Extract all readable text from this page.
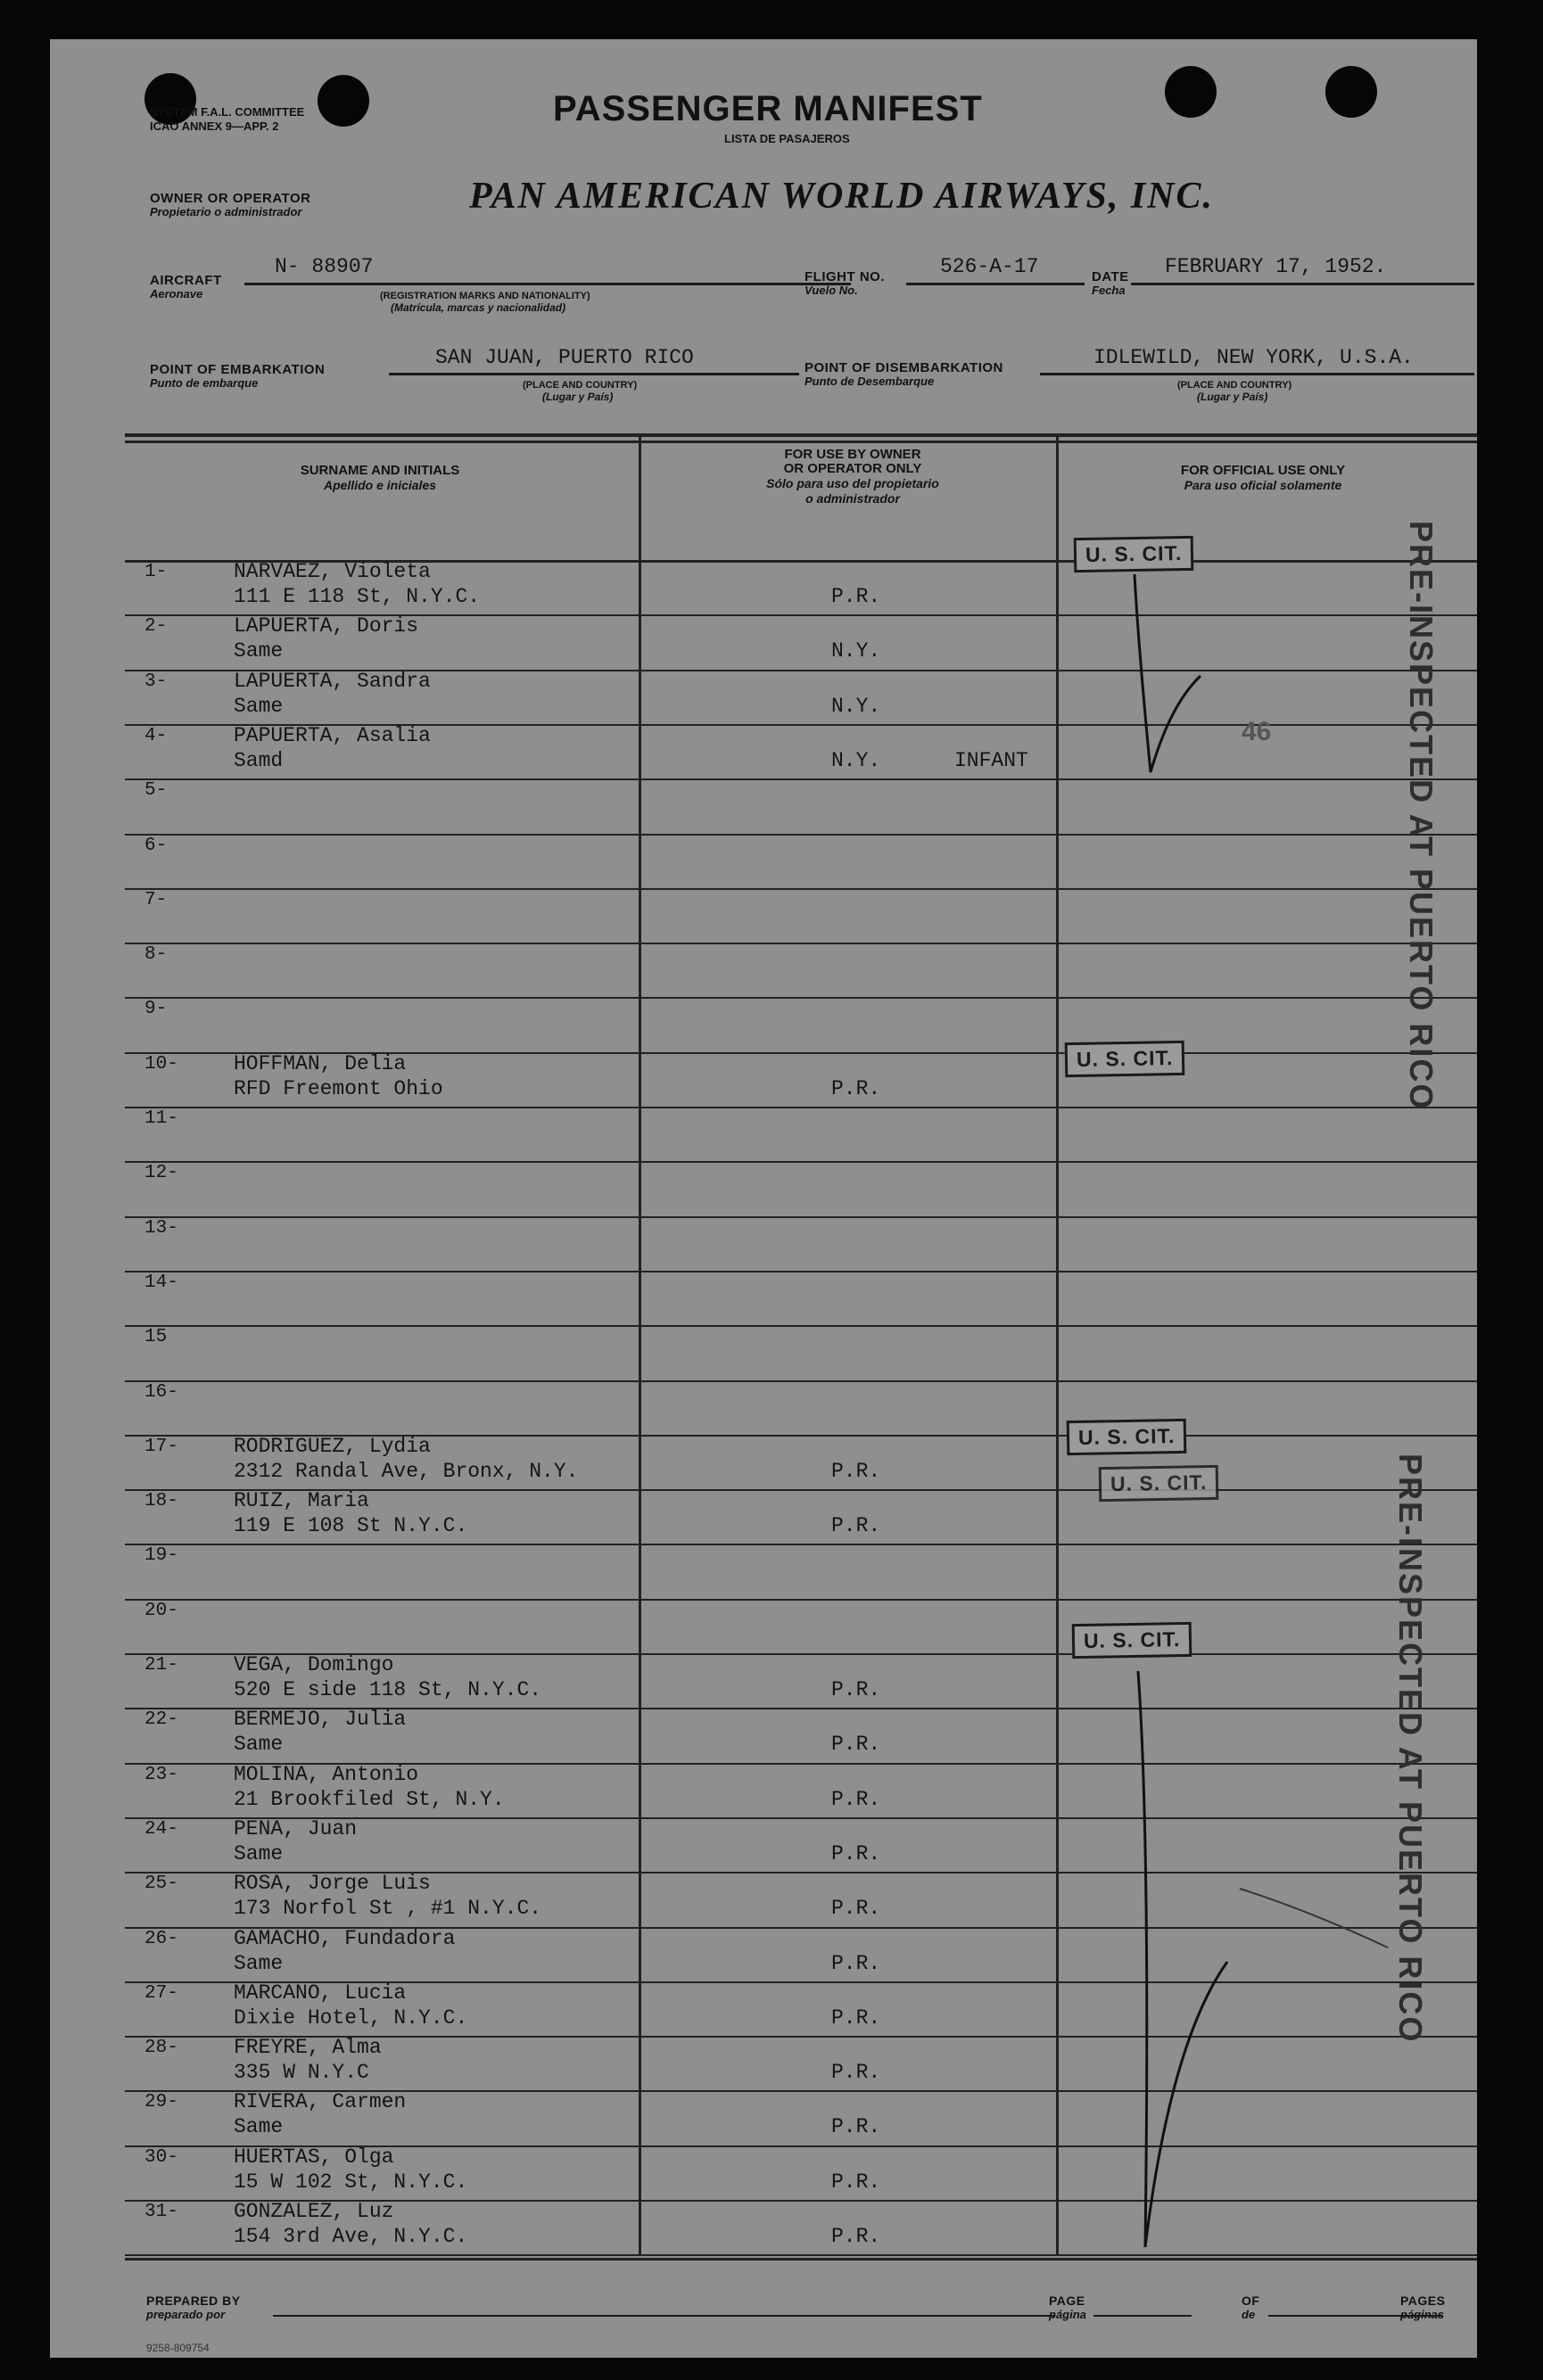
SYSTEM F.A.L. COMMITTEE
ICAO ANNEX 9—APP. 2	PASSENGER MANIFEST
LISTA DE PASAJEROS
OWNER OR OPERATOR
Propietario o administrador	PAN AMERICAN WORLD AIRWAYS, INC.
AIRCRAFT
Aeronave
N- 88907
(REGISTRATION MARKS AND NATIONALITY)
(Matrícula, marcas y nacionalidad)
FLIGHT NO.
Vuelo No.
526-A-17	DATE
Fecha
FEBRUARY 17, 1952.
POINT OF EMBARKATION
Punto de embarque
SAN JUAN, PUERTO RICO
(PLACE AND COUNTRY)
(Lugar y País)
POINT OF DISEMBARKATION
Punto de Desembarque
IDLEWILD, NEW YORK, U.S.A.
(PLACE AND COUNTRY)
(Lugar y País)
SURNAME AND INITIALS
Apellido e iniciales
FOR USE BY OWNER
OR OPERATOR ONLY
Sólo para uso del propietario
o administrador
FOR OFFICIAL USE ONLY
Para uso oficial solamente
1-	NARVAEZ, Violeta
111 E 118 St, N.Y.C.	P.R.
2-	LAPUERTA, Doris
Same	N.Y.
3-	LAPUERTA, Sandra
Same	N.Y.
4-	PAPUERTA, Asalia
Samd	N.Y.	INFANT
5-
6-
7-
8-
9-
10-	HOFFMAN, Delia
RFD Freemont Ohio	P.R.
11-
12-
13-
14-
15
16-
17-	RODRIGUEZ, Lydia
2312 Randal Ave, Bronx, N.Y.	P.R.
18-	RUIZ, Maria
119 E 108 St N.Y.C.	P.R.
19-
20-
21-	VEGA, Domingo
520 E side 118 St, N.Y.C.	P.R.
22-	BERMEJO, Julia
Same	P.R.
23-	MOLINA, Antonio
21 Brookfiled St, N.Y.	P.R.
24-	PENA, Juan
Same	P.R.
25-	ROSA, Jorge Luis
173 Norfol St , #1 N.Y.C.	P.R.
26-	GAMACHO, Fundadora
Same	P.R.
27-	MARCANO, Lucia
Dixie Hotel, N.Y.C.	P.R.
28-	FREYRE, Alma
335 W N.Y.C	P.R.
29-	RIVERA, Carmen
Same	P.R.
30-	HUERTAS, Olga
15 W 102 St, N.Y.C.	P.R.
31-	GONZALEZ, Luz
154 3rd Ave, N.Y.C.	P.R.
U. S. CIT.
U. S. CIT.
U. S. CIT.
U. S. CIT.
U. S. CIT.
PRE-INSPECTED AT PUERTO RICO
PRE-INSPECTED AT PUERTO RICO
46
PREPARED BY
preparado por
PAGE
página
OF
de
PAGES
páginas
9258-809754
